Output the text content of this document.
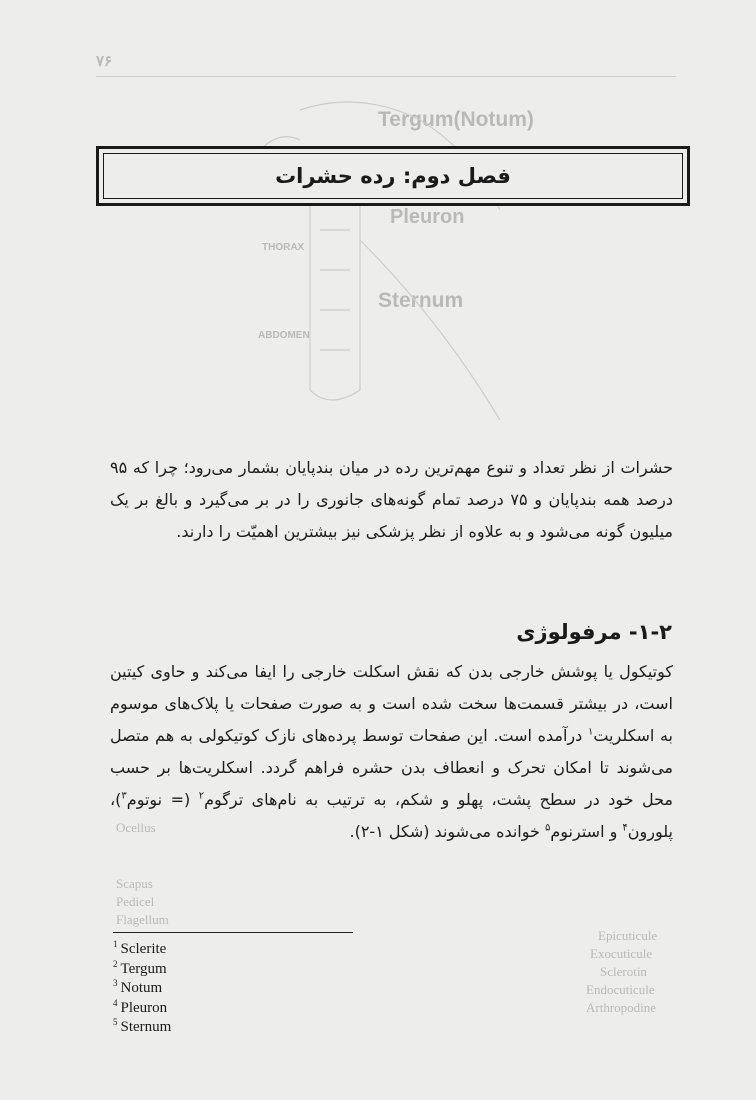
۷۶
Tergum(Notum)
Pleuron
THORAX
Sternum
ABDOMEN
Ocellus
Scapus
Pedicel
Flagellum
Epicuticule
Exocuticule
Sclerotin
Endocuticule
Arthropodine
فصل دوم: رده حشرات

حشرات از نظر تعداد و تنوع مهم‌ترین رده در میان بندپایان بشمار می‌رود؛ چرا که ۹۵ درصد همه بندپایان و ۷۵ درصد تمام گونه‌های جانوری را در بر می‌گیرد و بالغ بر یک میلیون گونه می‌شود و به علاوه از نظر پزشکی نیز بیشترین اهمیّت را دارند.

۱-۲- مرفولوژی

کوتیکول یا پوشش خارجی بدن که نقش اسکلت خارجی را ایفا می‌کند و حاوی کیتین است، در بیشتر قسمت‌ها سخت شده است و به صورت صفحات یا پلاک‌های موسوم به اسکلریت$^۱$ درآمده است. این صفحات توسط پرده‌های نازک کوتیکولی به هم متصل می‌شوند تا امکان تحرک و انعطاف بدن حشره فراهم گردد. اسکلریت‌ها بر حسب محل خود در سطح پشت، پهلو و شکم، به ترتیب به نام‌های ترگوم$^۲$ (= نوتوم$^۳$)، پلورون$^۴$ و استرنوم$^۵$ خوانده می‌شوند (شکل ۱-۲).

$^1$ Sclerite
$^2$ Tergum
$^3$ Notum
$^4$ Pleuron
$^5$ Sternum
